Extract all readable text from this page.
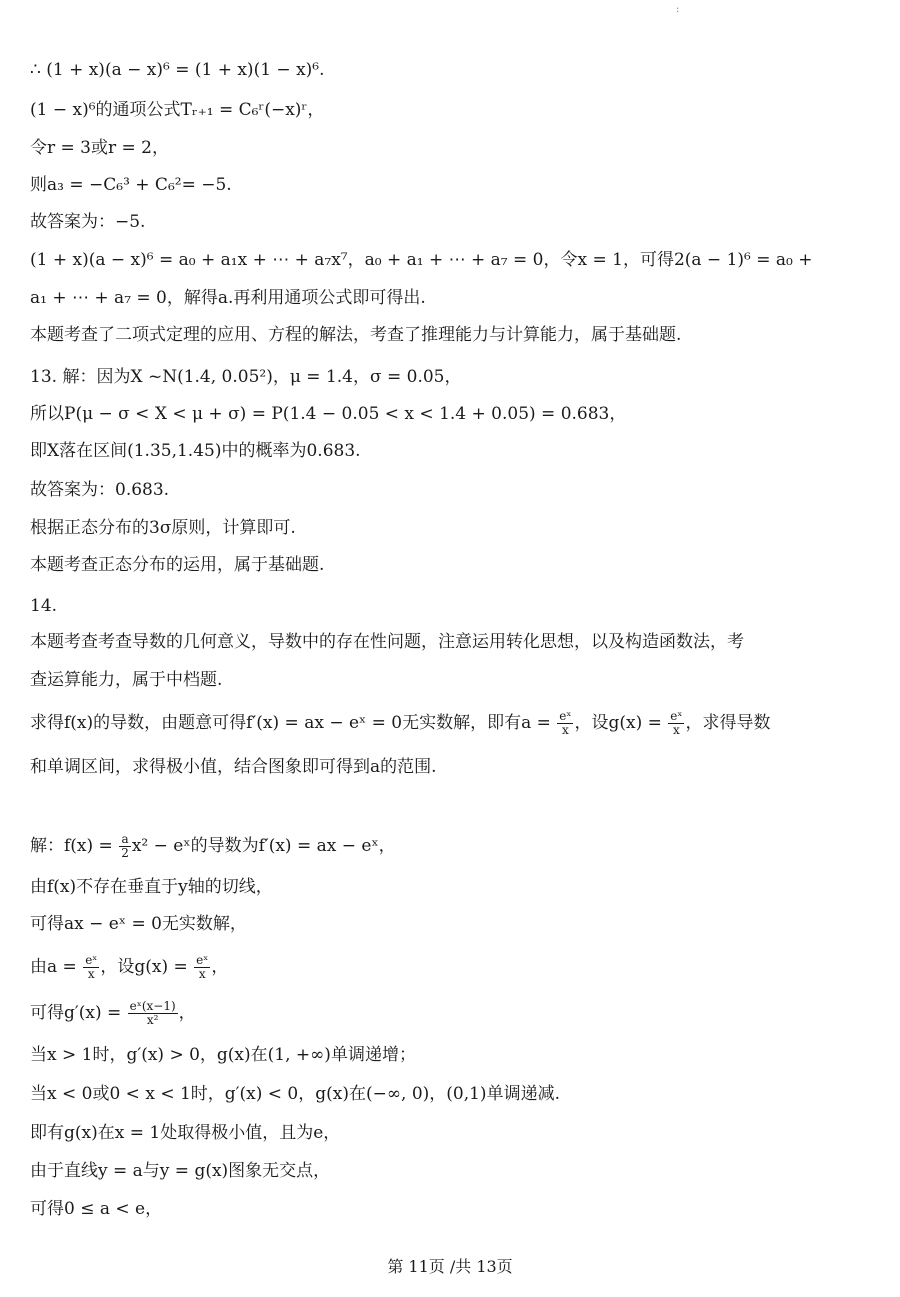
:
∴ (1 + x)(a − x)⁶ = (1 + x)(1 − x)⁶.
(1 − x)⁶的通项公式Tᵣ₊₁ = C₆ʳ(−x)ʳ，
令r = 3或r = 2，
则a₃ = −C₆³ + C₆²= −5.
故答案为：−5.
(1 + x)(a − x)⁶ = a₀ + a₁x + ⋯ + a₇x⁷，a₀ + a₁ + ⋯ + a₇ = 0，令x = 1，可得2(a − 1)⁶ = a₀ +
a₁ + ⋯ + a₇ = 0，解得a.再利用通项公式即可得出.
本题考查了二项式定理的应用、方程的解法，考查了推理能力与计算能力，属于基础题.
13. 解：因为X ~N(1.4, 0.05²)，μ = 1.4，σ = 0.05，
所以P(μ − σ < X < μ + σ) = P(1.4 − 0.05 < x < 1.4 + 0.05) = 0.683，
即X落在区间(1.35,1.45)中的概率为0.683.
故答案为：0.683.
根据正态分布的3σ原则，计算即可.
本题考查正态分布的运用，属于基础题.
14.
本题考查考查导数的几何意义，导数中的存在性问题，注意运用转化思想，以及构造函数法，考
查运算能力，属于中档题.
求得f(x)的导数，由题意可得f′(x) = ax − eˣ = 0无实数解，即有$a = \frac{\text{eˣ}}{x}$ ，设$g(x) = \frac{\text{eˣ}}{x}$ ，求得导数
和单调区间，求得极小值，结合图象即可得到a的范围.
解：$f(x) = \frac{a}{2} x^2$ − eˣ的导数为f′(x) = ax − eˣ，
由f(x)不存在垂直于y轴的切线，
可得ax − eˣ = 0无实数解，
由$a = \frac{\text{eˣ}}{x}$ ，设$g(x) = \frac{\text{eˣ}}{x}$ ，
可得$g'(x) = \frac{\text{eˣ(x−1)}}{\text{x²}}$ ，
当x > 1时，g′(x) > 0，g(x)在(1, +∞)单调递增；
当x < 0或0 < x < 1时，g′(x) < 0，g(x)在(−∞, 0)，(0,1)单调递减.
即有g(x)在x = 1处取得极小值，且为e，
由于直线y = a与y = g(x)图象无交点，
可得0 ≤ a < e，
第 11页 /共 13页
